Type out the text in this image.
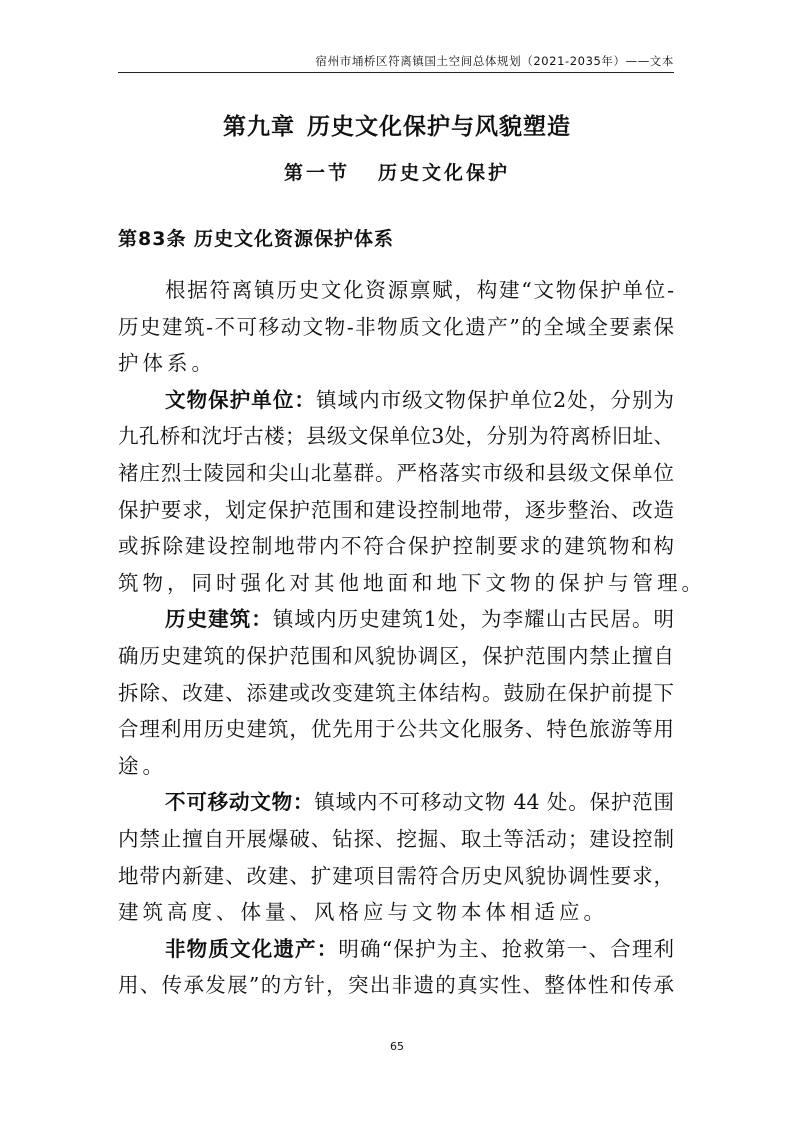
宿州市埇桥区符离镇国土空间总体规划（2021-2035年）——文本
第九章 历史文化保护与风貌塑造
第一节 历史文化保护
第83条 历史文化资源保护体系
根据符离镇历史文化资源禀赋，构建“文物保护单位-
历史建筑-不可移动文物-非物质文化遗产”的全域全要素保
护体系。
文物保护单位：镇域内市级文物保护单位2处，分别为
九孔桥和沈圩古楼；县级文保单位3处，分别为符离桥旧址、
褚庄烈士陵园和尖山北墓群。严格落实市级和县级文保单位
保护要求，划定保护范围和建设控制地带，逐步整治、改造
或拆除建设控制地带内不符合保护控制要求的建筑物和构
筑物，同时强化对其他地面和地下文物的保护与管理。
历史建筑：镇域内历史建筑1处，为李耀山古民居。明
确历史建筑的保护范围和风貌协调区，保护范围内禁止擅自
拆除、改建、添建或改变建筑主体结构。鼓励在保护前提下
合理利用历史建筑，优先用于公共文化服务、特色旅游等用
途。
不可移动文物：镇域内不可移动文物 44 处。保护范围
内禁止擅自开展爆破、钻探、挖掘、取土等活动；建设控制
地带内新建、改建、扩建项目需符合历史风貌协调性要求，
建筑高度、体量、风格应与文物本体相适应。
非物质文化遗产：明确“保护为主、抢救第一、合理利
用、传承发展”的方针，突出非遗的真实性、整体性和传承
65
